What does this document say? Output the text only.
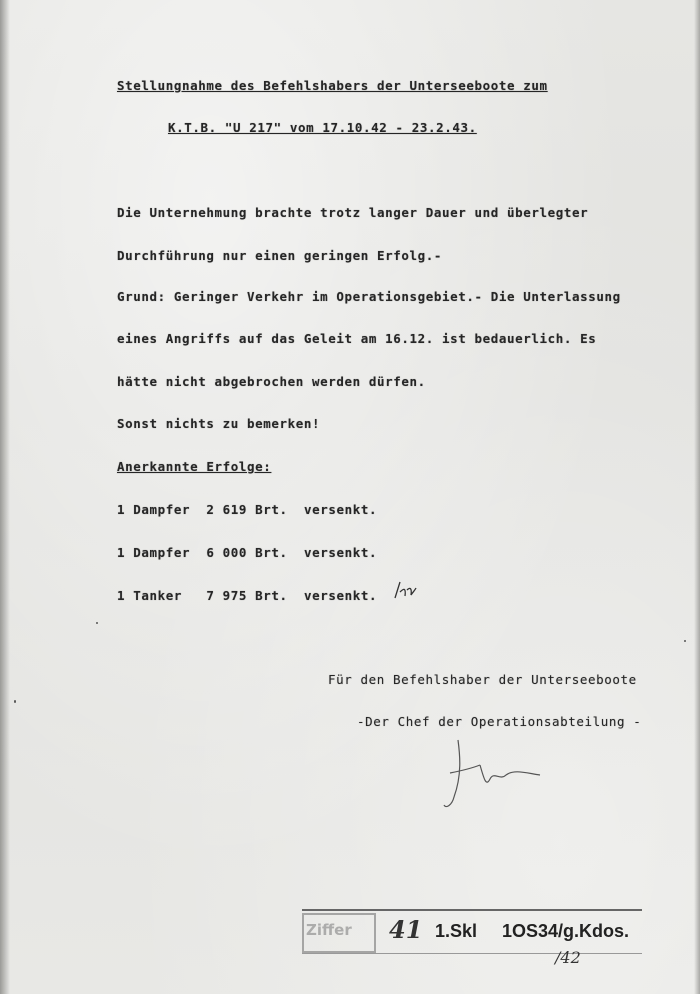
Stellungnahme des Befehlshabers der Unterseeboote zum
K.T.B. "U 217" vom 17.10.42 - 23.2.43.
Die Unternehmung brachte trotz langer Dauer und überlegter
Durchführung nur einen geringen Erfolg.-
Grund: Geringer Verkehr im Operationsgebiet.- Die Unterlassung
eines Angriffs auf das Geleit am 16.12. ist bedauerlich. Es
hätte nicht abgebrochen werden dürfen.
Sonst nichts zu bemerken!
Anerkannte Erfolge:
1 Dampfer 2 619 Brt. versenkt.
1 Dampfer 6 000 Brt. versenkt.
1 Tanker 7 975 Brt. versenkt.
Für den Befehlshaber der Unterseeboote
-Der Chef der Operationsabteilung -
Ziffer 41 1.Skl 1OS34/g.Kdos.
/42
